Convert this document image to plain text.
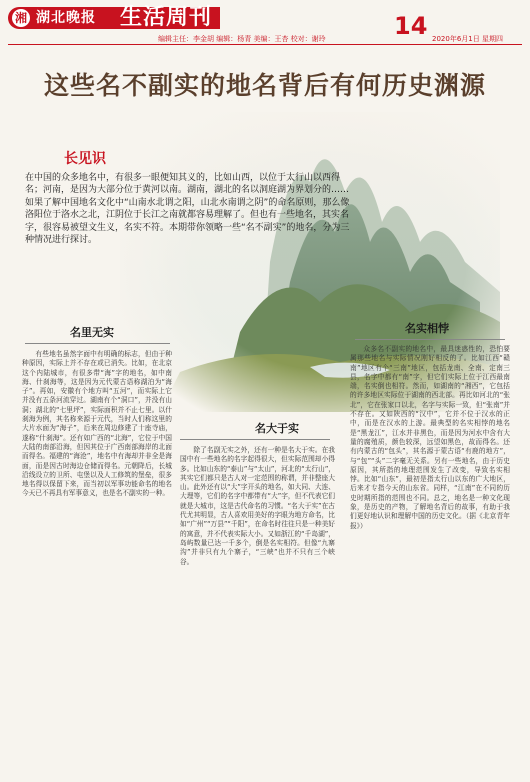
湘 湖北晚报 生活周刊	14
编辑主任：李金胡 编辑：杨青 美编：王杏 校对：谢玲	2020年6月1日 星期四
这些名不副实的地名背后有何历史渊源
长见识

在中国的众多地名中，有很多一眼便知其义的，比如山西，以位于太行山以西得名；河南，是因为大部分位于黄河以南。湖南，湖北的名以洞庭湖为界划分的……如果了解中国地名文化中“山南水北谓之阳，山北水南谓之阴”的命名原则，那么像洛阳位于洛水之北，江阴位于长江之南就都容易理解了。但也有一些地名，其实名字，很容易被望文生义，名实不符。本期带你领略一些“名不副实”的地名，分为三种情况进行探讨。

名里无实
名大于实
名实相悖

有些地名虽然字面中有明确的标志，但由于种种原因，实际上并不存在或已消失。比如，在北京这个内陆城市，有很多带“海”字的地名，如中南海、什刹海等，这是因为元代蒙古语称湖泊为“海子”。再如，安徽有个地方叫“五河”，而实际上它并没有五条河流穿过。湖南有个“洞口”，并没有山洞；湖北的“七里坪”，实际面积并不止七里。以什刹海为例，其名称来源于元代，当时人们称这里的大片水面为“海子”，后来在周边修建了十座寺庙，遂称“什刹海”。还有如广西的“北海”，它位于中国大陆的南部沿海，但因其位于广西南部海岸的北面而得名。福建的“海沧”，地名中有海却并非全是海面，而是因古时海边仓储而得名。元朝降后，长城沿线设立的卫所、屯堡以及人工修筑的堡垒，很多地名得以保留下来，而当初以军事功能命名的地名今天已不再具有军事意义，也是名不副实的一种。

除了名副无实之外，还有一种是名大于实。在我国中有一些地名的名字起得很大，但实际范围却小得多。比如山东的“泰山”与“太山”，河北的“太行山”，其实它们都只是古人对一定范围的称谓，并非整座大山。此外还有以“大”字开头的地名，如大同、大连、大理等，它们的名字中都带有“大”字，但不代表它们就是大城市，这是古代命名的习惯。“名大于实”在古代尤其明显，古人喜欢用美好的字眼为地方命名，比如“广州”“万县”“千阳”，在命名时往往只是一种美好的寓意，并不代表实际大小。又如浙江的“千岛湖”，岛屿数量已达一千多个，倒是名实相符。但像“九寨沟”并非只有九个寨子，“三峡”也并不只有三个峡谷。

众多名不副实的地名中，最具迷惑性的，恐怕要属那些地名与实际情况刚好相反的了。比如江西“赣南”地区有个“三南”地区，包括龙南、全南、定南三县，名字中都有“南”字，但它们实际上位于江西最南端，名实倒也相符。然而，如湖南的“湘西”，它包括的许多地区实际位于湖南的西北部。再比如河北的“张北”，它在张家口以北，名字与实际一致，但“张南”并不存在。又如陕西的“汉中”，它并不位于汉水的正中，而是在汉水的上游。最典型的名实相悖的地名是“黑龙江”，江水并非黑色，而是因为河水中含有大量的腐殖质，颜色较深，远望如黑色，故而得名。还有内蒙古的“包头”，其名源于蒙古语“有鹿的地方”，与“包”“头”二字毫无关系。另有一些地名，由于历史原因，其所指的地理范围发生了改变，导致名实相悖。比如“山东”，最初是指太行山以东的广大地区，后来才专指今天的山东省。同样，“江南”在不同的历史时期所指的范围也不同。总之，地名是一种文化现象，是历史的产物，了解地名背后的故事，有助于我们更好地认识和理解中国的历史文化。（据《北京青年报》）
